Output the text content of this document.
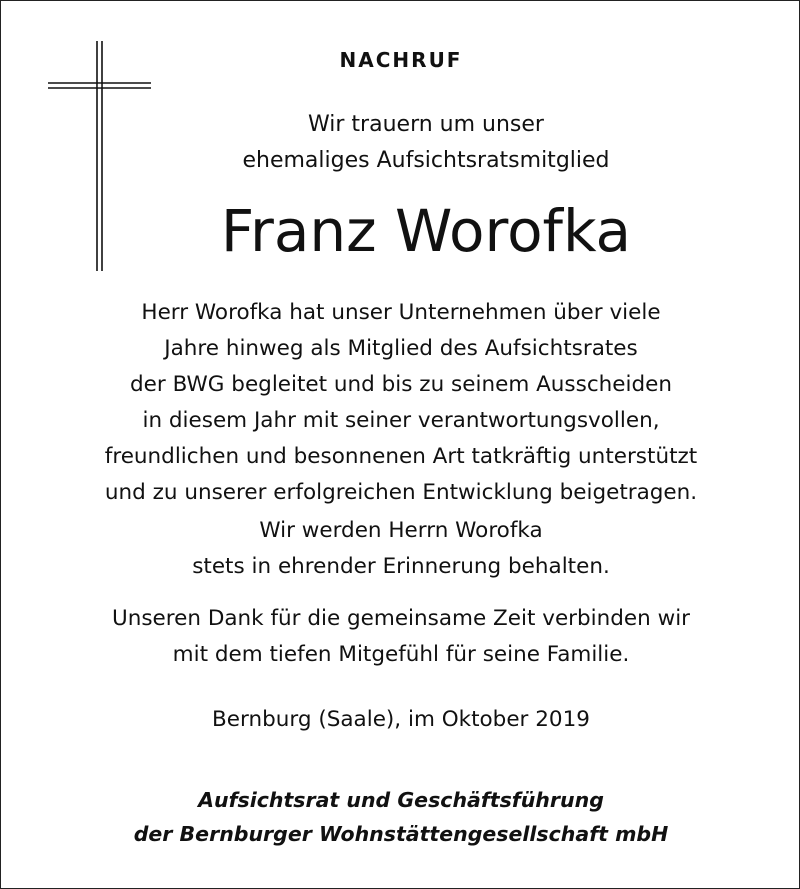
NACHRUF

Wir trauern um unser
ehemaliges Aufsichtsratsmitglied

Franz Worofka

Herr Worofka hat unser Unternehmen über viele
Jahre hinweg als Mitglied des Aufsichtsrates
der BWG begleitet und bis zu seinem Ausscheiden
in diesem Jahr mit seiner verantwortungsvollen,
freundlichen und besonnenen Art tatkräftig unterstützt
und zu unserer erfolgreichen Entwicklung beigetragen.

Wir werden Herrn Worofka
stets in ehrender Erinnerung behalten.

Unseren Dank für die gemeinsame Zeit verbinden wir
mit dem tiefen Mitgefühl für seine Familie.

Bernburg (Saale), im Oktober 2019

Aufsichtsrat und Geschäftsführung
der Bernburger Wohnstättengesellschaft mbH
